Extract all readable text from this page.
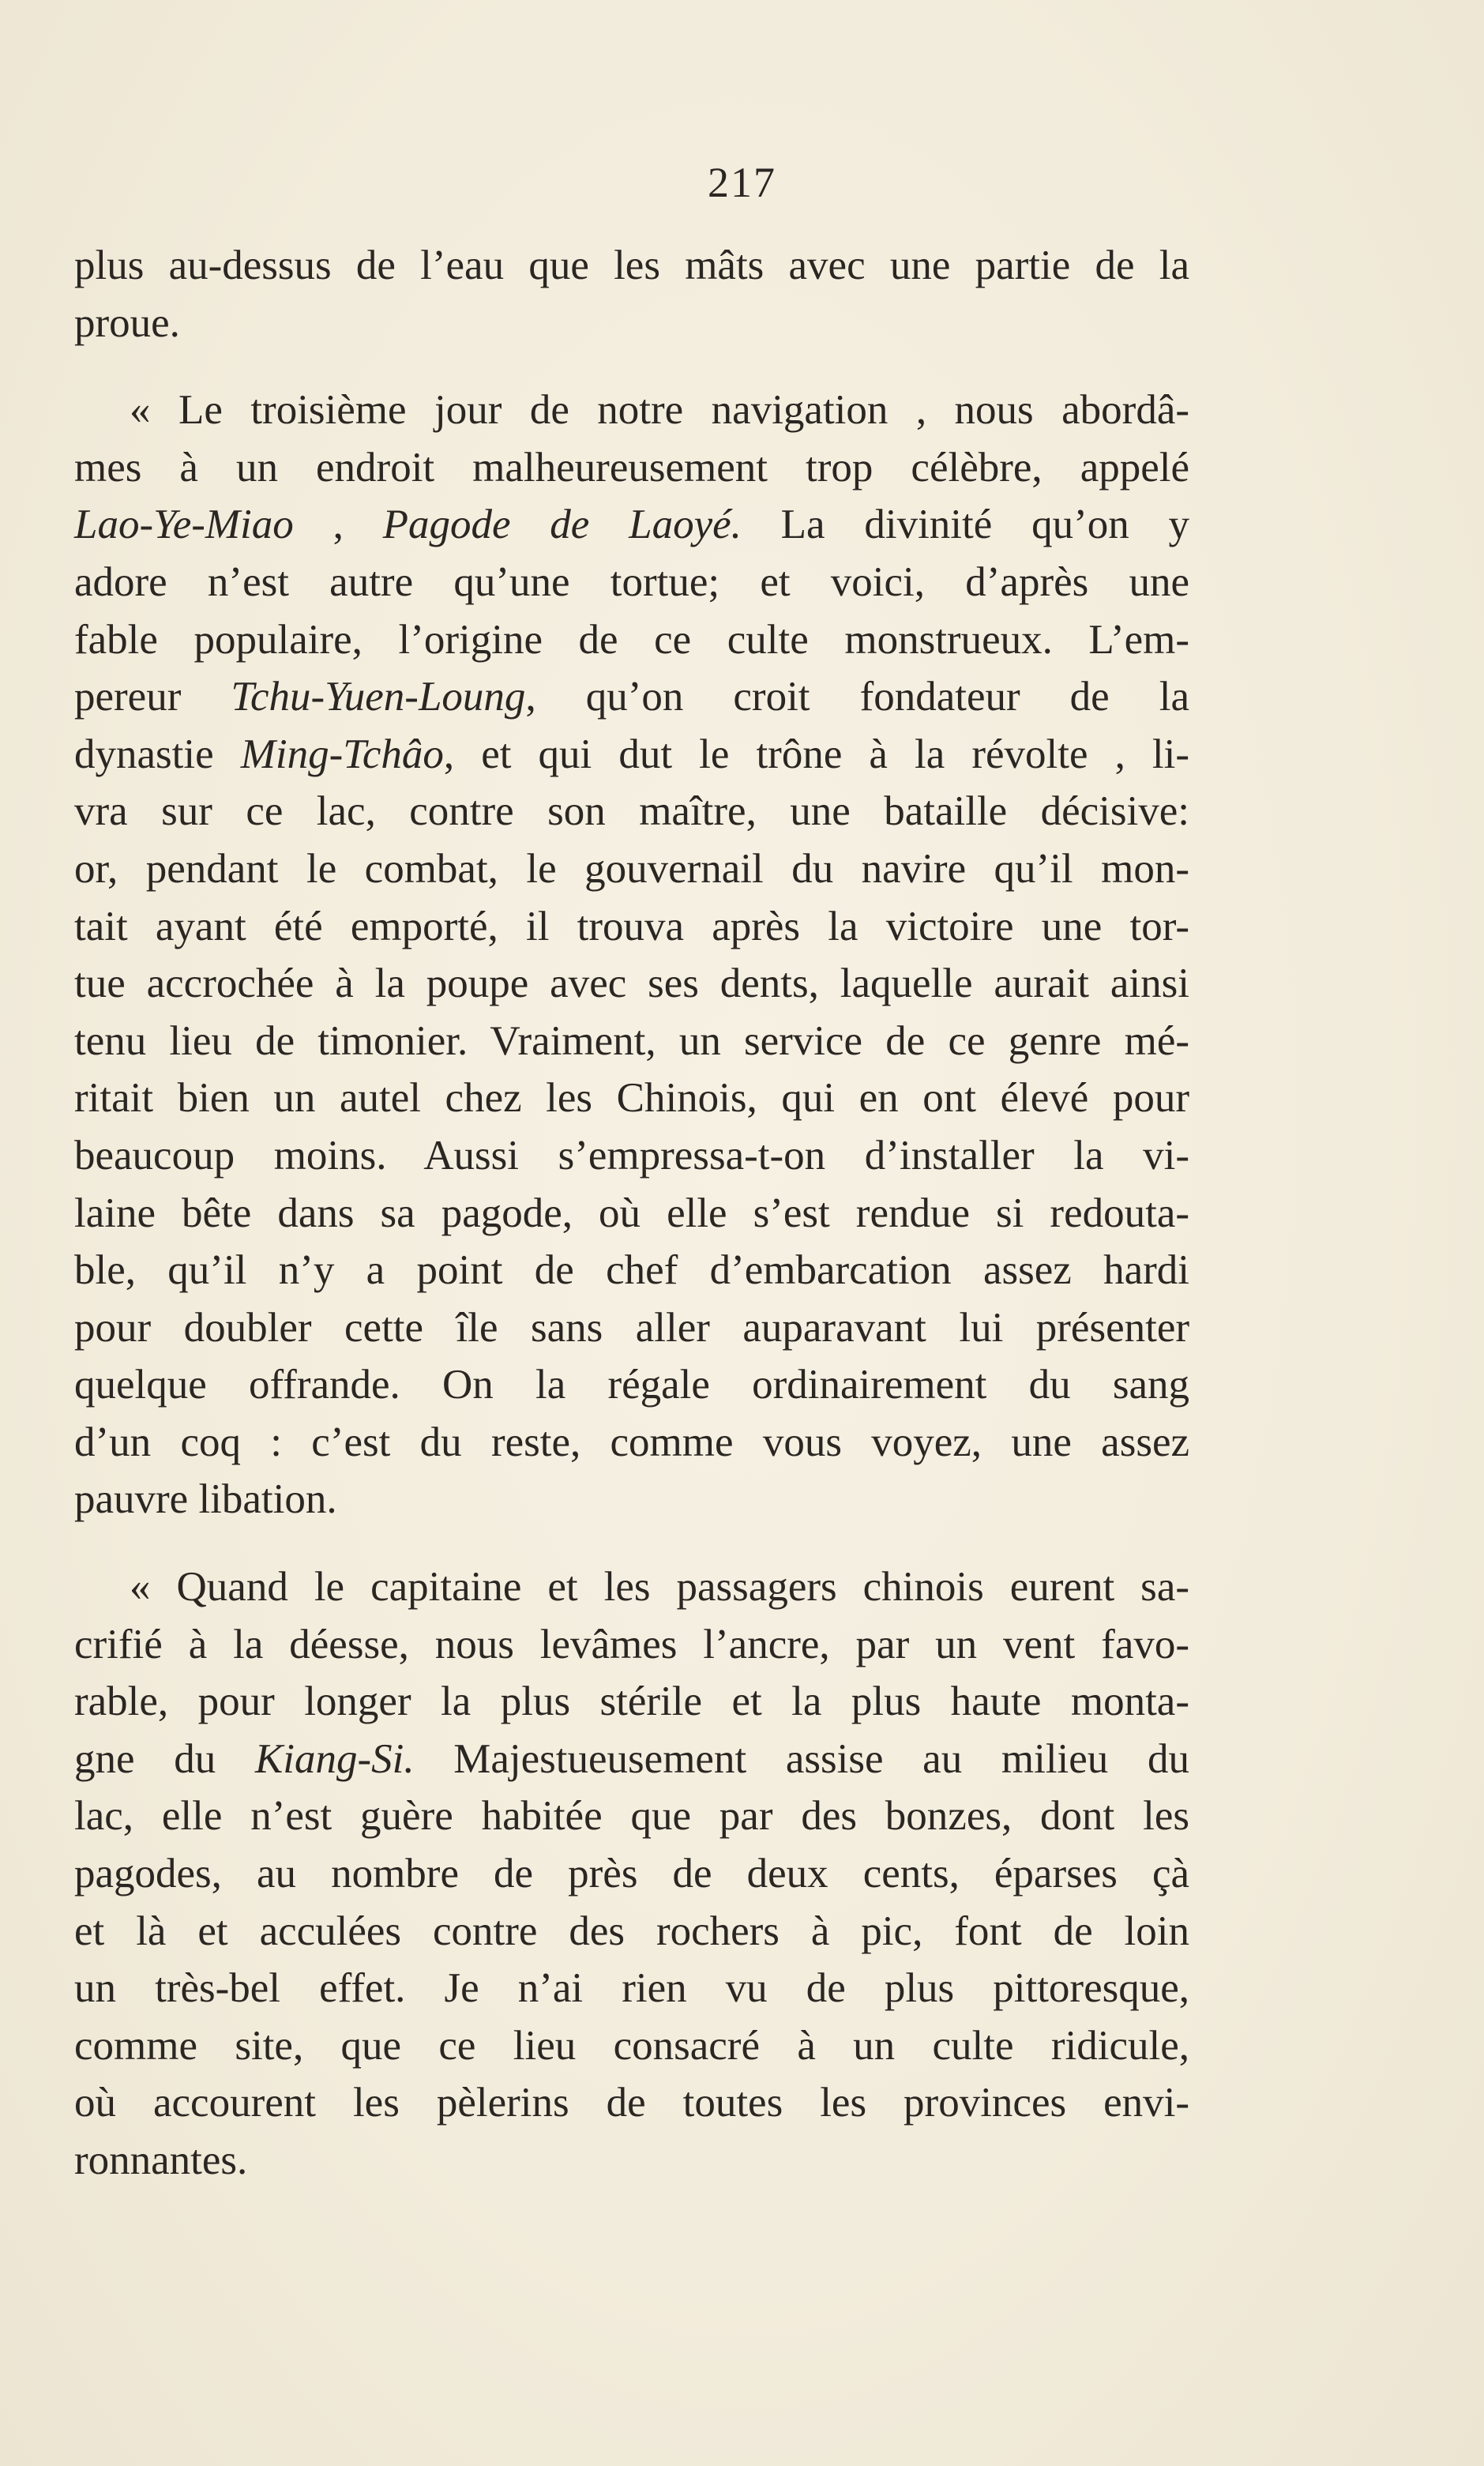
217
plus au-dessus de l’eau que les mâts avec une partie de la
proue.
« Le troisième jour de notre navigation , nous abordâ-
mes à un endroit malheureusement trop célèbre, appelé
Lao-Ye-Miao , Pagode de Laoyé. La divinité qu’on y
adore n’est autre qu’une tortue; et voici, d’après une
fable populaire, l’origine de ce culte monstrueux. L’em-
pereur Tchu-Yuen-Loung, qu’on croit fondateur de la
dynastie Ming-Tchâo, et qui dut le trône à la révolte , li-
vra sur ce lac, contre son maître, une bataille décisive:
or, pendant le combat, le gouvernail du navire qu’il mon-
tait ayant été emporté, il trouva après la victoire une tor-
tue accrochée à la poupe avec ses dents, laquelle aurait ainsi
tenu lieu de timonier. Vraiment, un service de ce genre mé-
ritait bien un autel chez les Chinois, qui en ont élevé pour
beaucoup moins. Aussi s’empressa-t-on d’installer la vi-
laine bête dans sa pagode, où elle s’est rendue si redouta-
ble, qu’il n’y a point de chef d’embarcation assez hardi
pour doubler cette île sans aller auparavant lui présenter
quelque offrande. On la régale ordinairement du sang
d’un coq : c’est du reste, comme vous voyez, une assez
pauvre libation.
« Quand le capitaine et les passagers chinois eurent sa-
crifié à la déesse, nous levâmes l’ancre, par un vent favo-
rable, pour longer la plus stérile et la plus haute monta-
gne du Kiang-Si. Majestueusement assise au milieu du
lac, elle n’est guère habitée que par des bonzes, dont les
pagodes, au nombre de près de deux cents, éparses çà
et là et acculées contre des rochers à pic, font de loin
un très-bel effet. Je n’ai rien vu de plus pittoresque,
comme site, que ce lieu consacré à un culte ridicule,
où accourent les pèlerins de toutes les provinces envi-
ronnantes.
